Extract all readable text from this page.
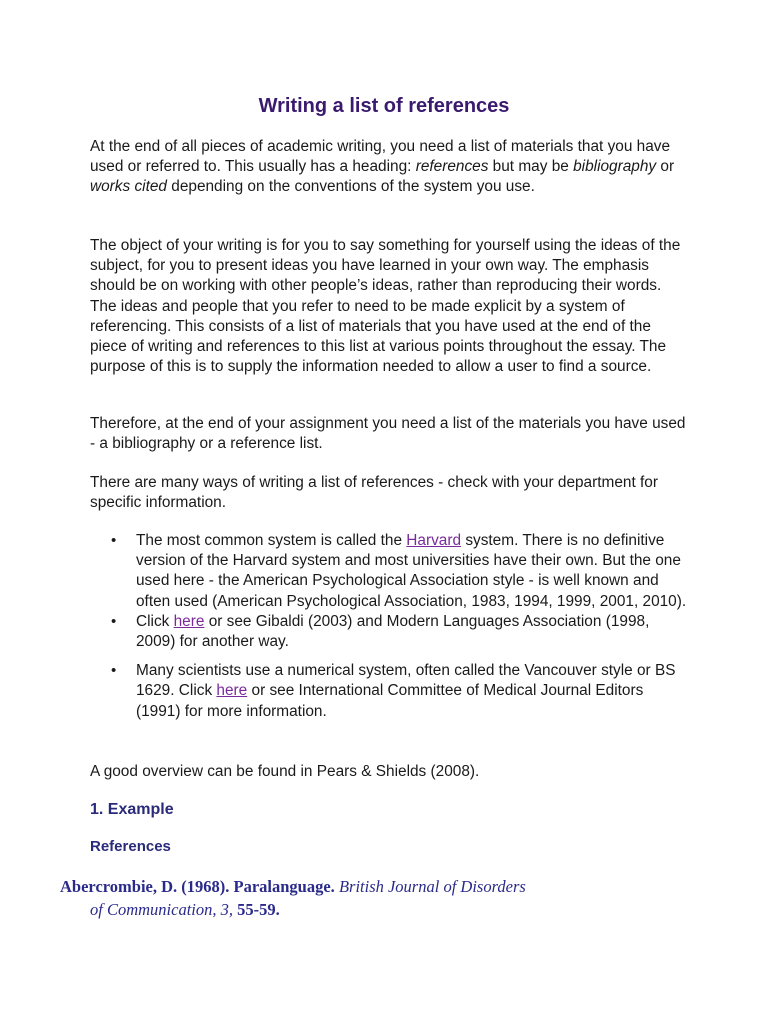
Writing a list of references

At the end of all pieces of academic writing, you need a list of materials that you have used or referred to. This usually has a heading: references but may be bibliography or works cited depending on the conventions of the system you use.

The object of your writing is for you to say something for yourself using the ideas of the subject, for you to present ideas you have learned in your own way. The emphasis should be on working with other people’s ideas, rather than reproducing their words. The ideas and people that you refer to need to be made explicit by a system of referencing. This consists of a list of materials that you have used at the end of the piece of writing and references to this list at various points throughout the essay. The purpose of this is to supply the information needed to allow a user to find a source.

Therefore, at the end of your assignment you need a list of the materials you have used - a bibliography or a reference list.

There are many ways of writing a list of references - check with your department for specific information.

• The most common system is called the Harvard system. There is no definitive version of the Harvard system and most universities have their own. But the one used here - the American Psychological Association style - is well known and often used (American Psychological Association, 1983, 1994, 1999, 2001, 2010).
• Click here or see Gibaldi (2003) and Modern Languages Association (1998, 2009) for another way.
• Many scientists use a numerical system, often called the Vancouver style or BS 1629. Click here or see International Committee of Medical Journal Editors (1991) for more information.

A good overview can be found in Pears & Shields (2008).

1. Example
References
Abercrombie, D. (1968). Paralanguage. British Journal of Disorders
of Communication, 3, 55-59.
